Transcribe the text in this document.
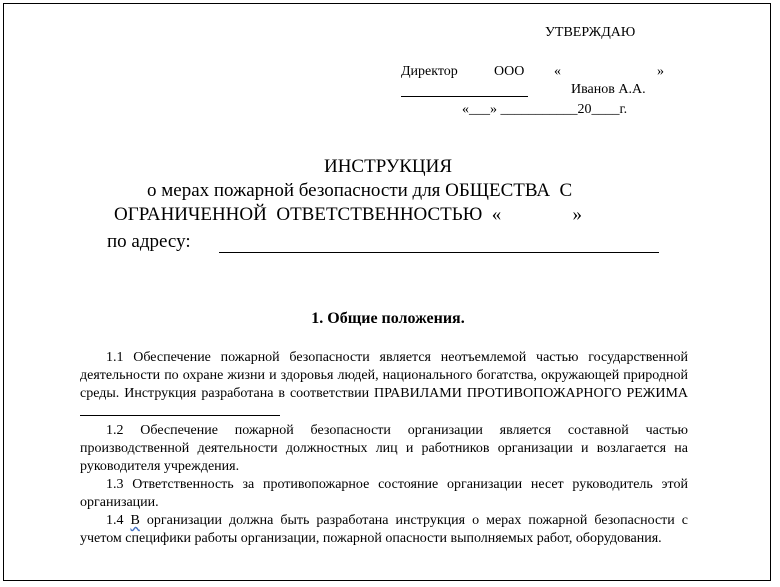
УТВЕРЖДАЮ
Директор	ООО «	»
Иванов А.А.
«___» ___________20____г.
ИНСТРУКЦИЯ
о мерах пожарной безопасности для ОБЩЕСТВА  С
ОГРАНИЧЕННОЙ  ОТВЕТСТВЕННОСТЬЮ  «               »
по адресу:
1. Общие положения.

1.1 Обеспечение пожарной безопасности является неотъемлемой частью государственной деятельности по охране жизни и здоровья людей, национального богатства, окружающей природной среды. Инструкция разработана в соответствии ПРАВИЛАМИ ПРОТИВОПОЖАРНОГО РЕЖИМА

1.2 Обеспечение пожарной безопасности организации является составной частью производственной деятельности должностных лиц и работников организации и возлагается на руководителя учреждения.

1.3 Ответственность за противопожарное состояние организации несет руководитель этой организации.

1.4 В организации должна быть разработана инструкция о мерах пожарной безопасности с учетом специфики работы организации, пожарной опасности выполняемых работ, оборудования.
